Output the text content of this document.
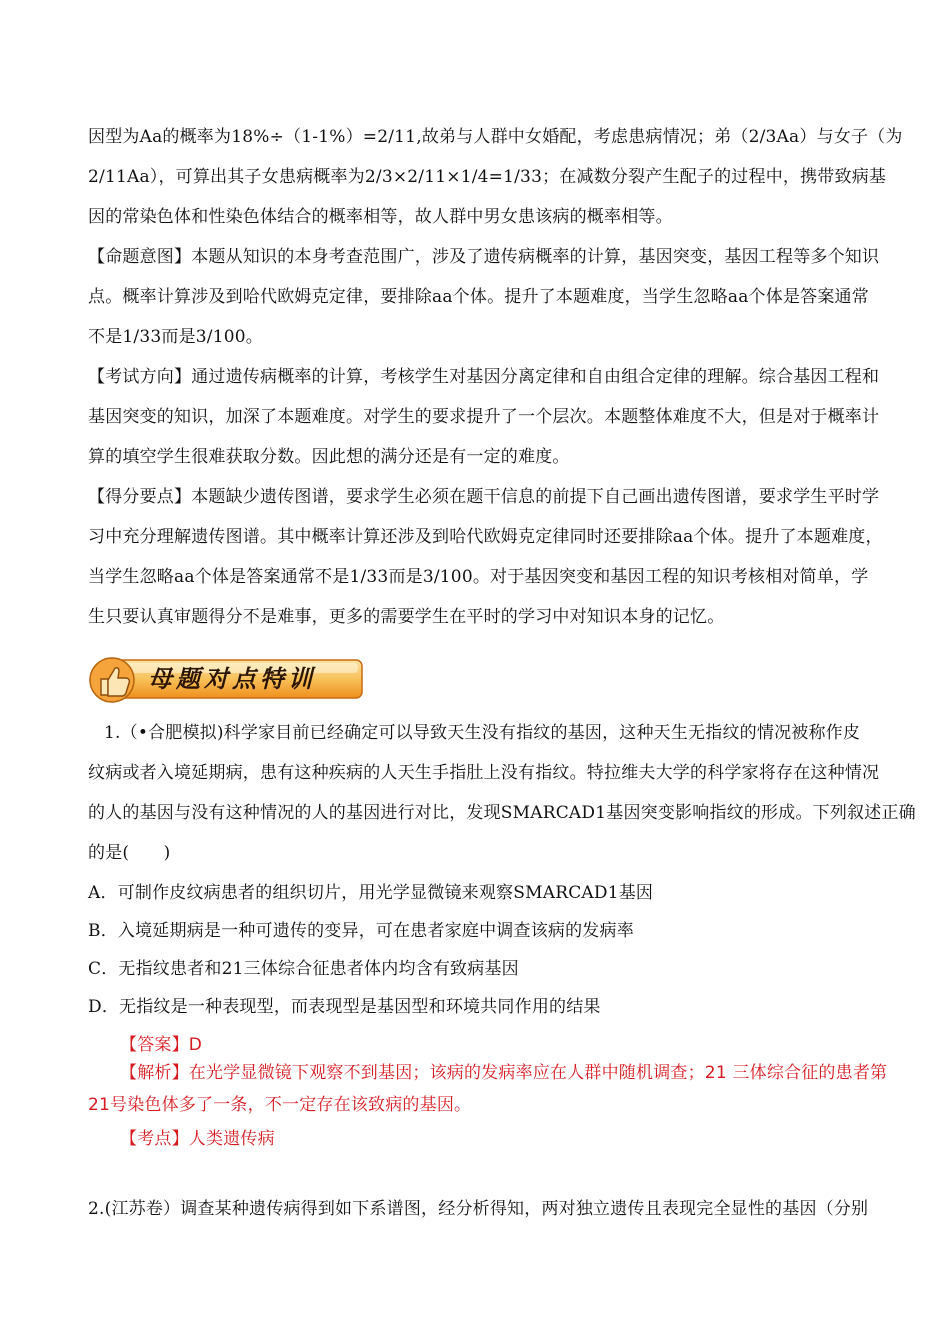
因型为Aa的概率为18%÷（1-1%）=2/11,故弟与人群中女婚配，考虑患病情况；弟（2/3Aa）与女子（为
2/11Aa），可算出其子女患病概率为2/3×2/11×1/4=1/33；在减数分裂产生配子的过程中，携带致病基
因的常染色体和性染色体结合的概率相等，故人群中男女患该病的概率相等。
【命题意图】本题从知识的本身考查范围广，涉及了遗传病概率的计算，基因突变，基因工程等多个知识
点。概率计算涉及到哈代欧姆克定律，要排除aa个体。提升了本题难度，当学生忽略aa个体是答案通常
不是1/33而是3/100。
【考试方向】通过遗传病概率的计算，考核学生对基因分离定律和自由组合定律的理解。综合基因工程和
基因突变的知识，加深了本题难度。对学生的要求提升了一个层次。本题整体难度不大，但是对于概率计
算的填空学生很难获取分数。因此想的满分还是有一定的难度。
【得分要点】本题缺少遗传图谱，要求学生必须在题干信息的前提下自己画出遗传图谱，要求学生平时学
习中充分理解遗传图谱。其中概率计算还涉及到哈代欧姆克定律同时还要排除aa个体。提升了本题难度，
当学生忽略aa个体是答案通常不是1/33而是3/100。对于基因突变和基因工程的知识考核相对简单，学
生只要认真审题得分不是难事，更多的需要学生在平时的学习中对知识本身的记忆。
母题对点特训
1.（•合肥模拟)科学家目前已经确定可以导致天生没有指纹的基因，这种天生无指纹的情况被称作皮
纹病或者入境延期病，患有这种疾病的人天生手指肚上没有指纹。特拉维夫大学的科学家将存在这种情况
的人的基因与没有这种情况的人的基因进行对比，发现SMARCAD1基因突变影响指纹的形成。下列叙述正确
的是(　　)
A．可制作皮纹病患者的组织切片，用光学显微镜来观察SMARCAD1基因
B．入境延期病是一种可遗传的变异，可在患者家庭中调查该病的发病率
C．无指纹患者和21三体综合征患者体内均含有致病基因
D．无指纹是一种表现型，而表现型是基因型和环境共同作用的结果
【答案】D
【解析】在光学显微镜下观察不到基因；该病的发病率应在人群中随机调查；21 三体综合征的患者第
21号染色体多了一条，不一定存在该致病的基因。
【考点】人类遗传病
2.(江苏卷）调查某种遗传病得到如下系谱图，经分析得知，两对独立遗传且表现完全显性的基因（分别
